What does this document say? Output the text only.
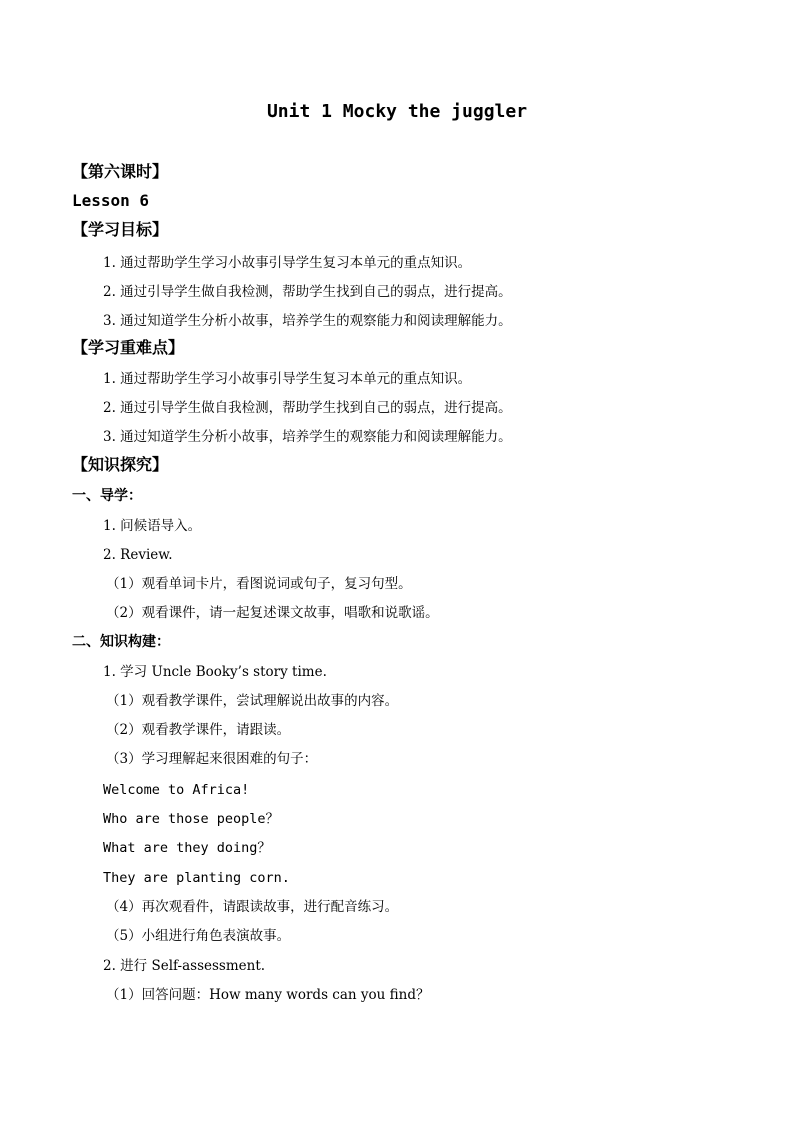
Unit 1 Mocky the juggler
【第六课时】
Lesson 6
【学习目标】
1. 通过帮助学生学习小故事引导学生复习本单元的重点知识。
2. 通过引导学生做自我检测，帮助学生找到自己的弱点，进行提高。
3. 通过知道学生分析小故事，培养学生的观察能力和阅读理解能力。
【学习重难点】
1. 通过帮助学生学习小故事引导学生复习本单元的重点知识。
2. 通过引导学生做自我检测，帮助学生找到自己的弱点，进行提高。
3. 通过知道学生分析小故事，培养学生的观察能力和阅读理解能力。
【知识探究】
一、导学：
1. 问候语导入。
2. Review.
（1）观看单词卡片，看图说词或句子，复习句型。
（2）观看课件，请一起复述课文故事，唱歌和说歌谣。
二、知识构建：
1. 学习 Uncle Booky’s story time.
（1）观看教学课件，尝试理解说出故事的内容。
（2）观看教学课件，请跟读。
（3）学习理解起来很困难的句子：
Welcome to Africa!
Who are those people？
What are they doing？
They are planting corn.
（4）再次观看件，请跟读故事，进行配音练习。
（5）小组进行角色表演故事。
2. 进行 Self-assessment.
（1）回答问题：How many words can you find？
